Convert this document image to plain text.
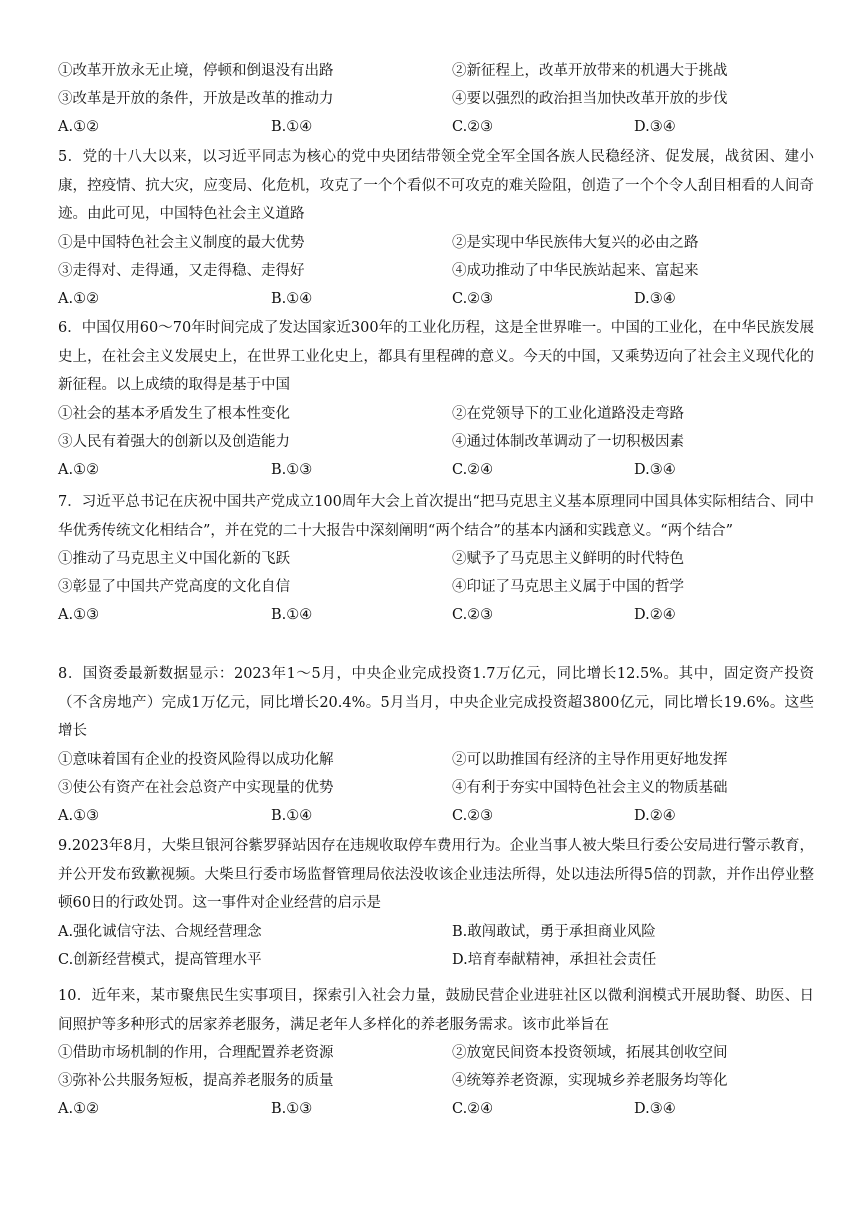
①改革开放永无止境，停顿和倒退没有出路	②新征程上，改革开放带来的机遇大于挑战
③改革是开放的条件，开放是改革的推动力	④要以强烈的政治担当加快改革开放的步伐
A.①②	B.①④	C.②③	D.③④

5．党的十八大以来，以习近平同志为核心的党中央团结带领全党全军全国各族人民稳经济、促发展，战贫困、建小康，控疫情、抗大灾，应变局、化危机，攻克了一个个看似不可攻克的难关险阻，创造了一个个令人刮目相看的人间奇迹。由此可见，中国特色社会主义道路

①是中国特色社会主义制度的最大优势	②是实现中华民族伟大复兴的必由之路
③走得对、走得通，又走得稳、走得好	④成功推动了中华民族站起来、富起来
A.①②	B.①④	C.②③	D.③④

6．中国仅用60～70年时间完成了发达国家近300年的工业化历程，这是全世界唯一。中国的工业化，在中华民族发展史上，在社会主义发展史上，在世界工业化史上，都具有里程碑的意义。今天的中国，又乘势迈向了社会主义现代化的新征程。以上成绩的取得是基于中国

①社会的基本矛盾发生了根本性变化	②在党领导下的工业化道路没走弯路
③人民有着强大的创新以及创造能力	④通过体制改革调动了一切积极因素
A.①②	B.①③	C.②④	D.③④

7．习近平总书记在庆祝中国共产党成立100周年大会上首次提出“把马克思主义基本原理同中国具体实际相结合、同中华优秀传统文化相结合”，并在党的二十大报告中深刻阐明“两个结合”的基本内涵和实践意义。“两个结合”

①推动了马克思主义中国化新的飞跃	②赋予了马克思主义鲜明的时代特色
③彰显了中国共产党高度的文化自信	④印证了马克思主义属于中国的哲学
A.①③	B.①④	C.②③	D.②④

8．国资委最新数据显示：2023年1～5月，中央企业完成投资1.7万亿元，同比增长12.5%。其中，固定资产投资（不含房地产）完成1万亿元，同比增长20.4%。5月当月，中央企业完成投资超3800亿元，同比增长19.6%。这些增长

①意味着国有企业的投资风险得以成功化解	②可以助推国有经济的主导作用更好地发挥
③使公有资产在社会总资产中实现量的优势	④有利于夯实中国特色社会主义的物质基础
A.①③	B.①④	C.②③	D.②④

9.2023年8月，大柴旦银河谷紫罗驿站因存在违规收取停车费用行为。企业当事人被大柴旦行委公安局进行警示教育，并公开发布致歉视频。大柴旦行委市场监督管理局依法没收该企业违法所得，处以违法所得5倍的罚款，并作出停业整顿60日的行政处罚。这一事件对企业经营的启示是

A.强化诚信守法、合规经营理念	B.敢闯敢试，勇于承担商业风险
C.创新经营模式，提高管理水平	D.培育奉献精神，承担社会责任

10．近年来，某市聚焦民生实事项目，探索引入社会力量，鼓励民营企业进驻社区以微利润模式开展助餐、助医、日间照护等多种形式的居家养老服务，满足老年人多样化的养老服务需求。该市此举旨在

①借助市场机制的作用，合理配置养老资源	②放宽民间资本投资领域，拓展其创收空间
③弥补公共服务短板，提高养老服务的质量	④统筹养老资源，实现城乡养老服务均等化
A.①②	B.①③	C.②④	D.③④
